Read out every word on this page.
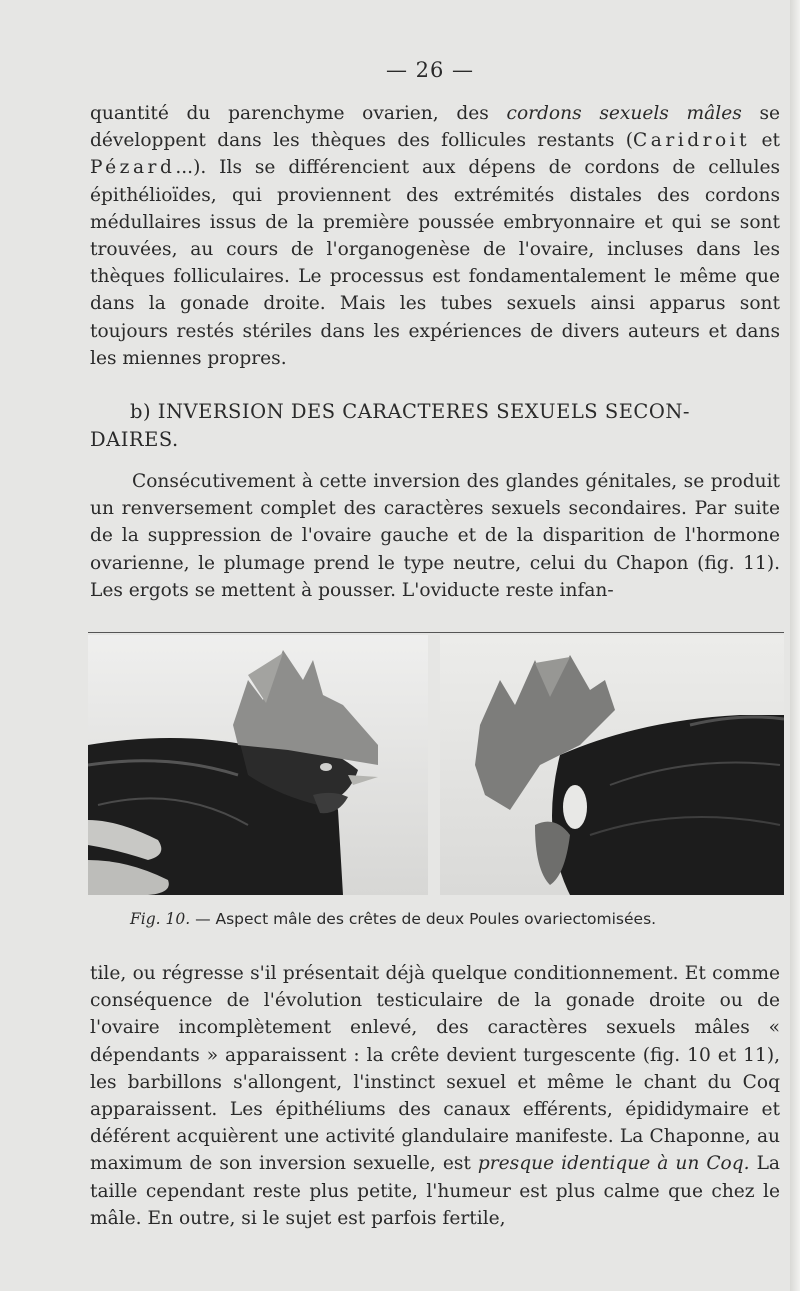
— 26 —

quantité du parenchyme ovarien, des cordons sexuels mâles se développent dans les thèques des follicules restants (Caridroit et Pézard...). Ils se différencient aux dépens de cordons de cellules épithélioïdes, qui proviennent des extrémités distales des cordons médullaires issus de la première poussée embryonnaire et qui se sont trouvées, au cours de l'organogenèse de l'ovaire, incluses dans les thèques folliculaires. Le processus est fondamentalement le même que dans la gonade droite. Mais les tubes sexuels ainsi apparus sont toujours restés stériles dans les expériences de divers auteurs et dans les miennes propres.

b) INVERSION DES CARACTERES SEXUELS SECON-
DAIRES.

Consécutivement à cette inversion des glandes génitales, se produit un renversement complet des caractères sexuels secondaires. Par suite de la suppression de l'ovaire gauche et de la disparition de l'hormone ovarienne, le plumage prend le type neutre, celui du Chapon (fig. 11). Les ergots se mettent à pousser. L'oviducte reste infan-

Fig. 10. — Aspect mâle des crêtes de deux Poules ovariectomisées.

tile, ou régresse s'il présentait déjà quelque conditionnement. Et comme conséquence de l'évolution testiculaire de la gonade droite ou de l'ovaire incomplètement enlevé, des caractères sexuels mâles « dépendants » apparaissent : la crête devient turgescente (fig. 10 et 11), les barbillons s'allongent, l'instinct sexuel et même le chant du Coq apparaissent. Les épithéliums des canaux efférents, épididymaire et déférent acquièrent une activité glandulaire manifeste. La Chaponne, au maximum de son inversion sexuelle, est presque identique à un Coq. La taille cependant reste plus petite, l'humeur est plus calme que chez le mâle. En outre, si le sujet est parfois fertile,
